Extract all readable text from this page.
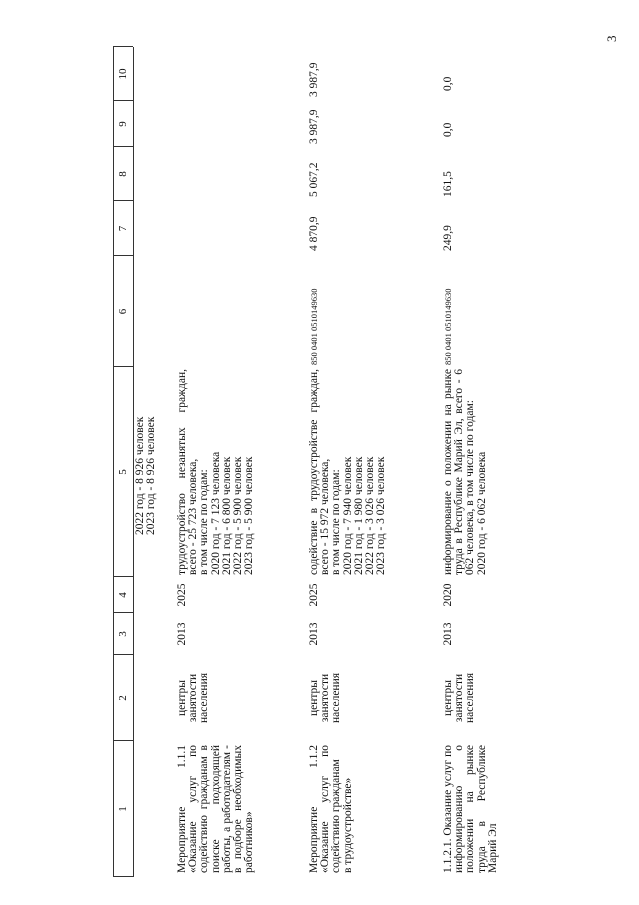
3
1
2
3
4
5
6
7
8
9
10
2022 год - 8 926 человек
2023 год - 8 926 человек
Мероприятие 1.1.1 «Оказание услуг по содействию гражданам в поиске подходящей работы, а работодателям - в подборе необходимых работников»
центры
занятости
населения
2013
2025
трудоустройство незанятых граждан, всего - 25 723 человека,
в том числе по годам:
2020 год - 7 123 человека
2021 год - 6 800 человек
2022 год - 5 900 человек
2023 год - 5 900 человек
Мероприятие 1.1.2 «Оказание услуг по содействию гражданам
в трудоустройстве»
центры
занятости
населения
2013
2025
содействие в трудоустройстве граждан, всего - 15 972 человека,
в том числе по годам:
2020 год - 7 940 человек
2021 год - 1 980 человек
2022 год - 3 026 человек
2023 год - 3 026 человек
850 0401 0510149630
4 870,9
5 067,2
3 987,9
3 987,9
1.1.2.1. Оказание услуг по информированию о положении на рынке труда в Республике Марий Эл
центры
занятости
населения
2013
2020
информирование о положении на рынке труда в Республике Марий Эл, всего - 6 062 человека, в том числе по годам:
2020 год - 6 062 человека
850 0401 0510149630
249,9
161,5
0,0
0,0
